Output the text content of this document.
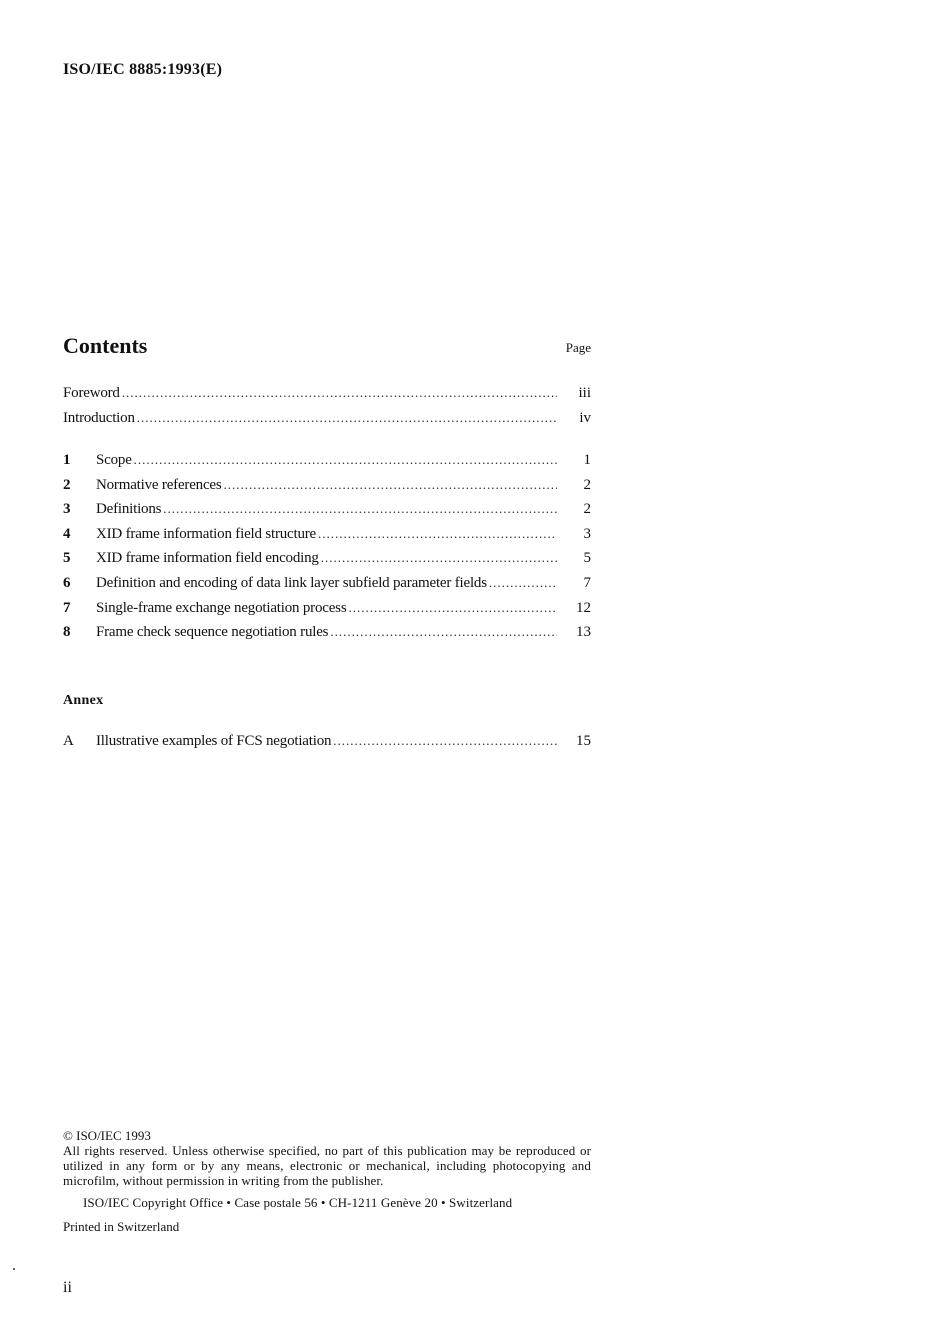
ISO/IEC 8885:1993(E)
Contents	Page
Foreword .....	iii
Introduction .....	iv
1	Scope .....	1
2	Normative references .....	2
3	Definitions .....	2
4	XID frame information field structure .....	3
5	XID frame information field encoding .....	5
6	Definition and encoding of data link layer subfield parameter fields .....	7
7	Single-frame exchange negotiation process .....	12
8	Frame check sequence negotiation rules .....	13
Annex
A	Illustrative examples of FCS negotiation .....	15
© ISO/IEC 1993
All rights reserved. Unless otherwise specified, no part of this publication may be reproduced or utilized in any form or by any means, electronic or mechanical, including photocopying and microfilm, without permission in writing from the publisher.
ISO/IEC Copyright Office • Case postale 56 • CH-1211 Genève 20 • Switzerland
Printed in Switzerland
ii
